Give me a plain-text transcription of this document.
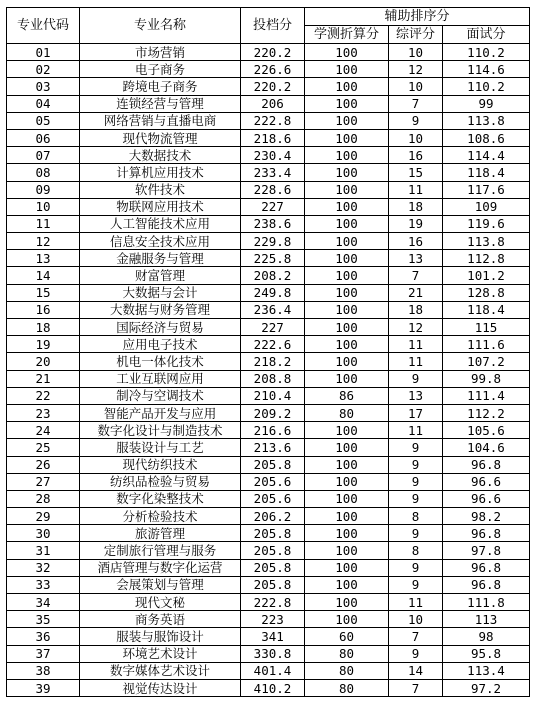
专业代码	专业名称	投档分	辅助排序分		
			学测折算分	综评分	面试分
01	市场营销	220.2	100	10	110.2
02	电子商务	226.6	100	12	114.6
03	跨境电子商务	220.2	100	10	110.2
04	连锁经营与管理	206	100	7	99
05	网络营销与直播电商	222.8	100	9	113.8
06	现代物流管理	218.6	100	10	108.6
07	大数据技术	230.4	100	16	114.4
08	计算机应用技术	233.4	100	15	118.4
09	软件技术	228.6	100	11	117.6
10	物联网应用技术	227	100	18	109
11	人工智能技术应用	238.6	100	19	119.6
12	信息安全技术应用	229.8	100	16	113.8
13	金融服务与管理	225.8	100	13	112.8
14	财富管理	208.2	100	7	101.2
15	大数据与会计	249.8	100	21	128.8
16	大数据与财务管理	236.4	100	18	118.4
18	国际经济与贸易	227	100	12	115
19	应用电子技术	222.6	100	11	111.6
20	机电一体化技术	218.2	100	11	107.2
21	工业互联网应用	208.8	100	9	99.8
22	制冷与空调技术	210.4	86	13	111.4
23	智能产品开发与应用	209.2	80	17	112.2
24	数字化设计与制造技术	216.6	100	11	105.6
25	服装设计与工艺	213.6	100	9	104.6
26	现代纺织技术	205.8	100	9	96.8
27	纺织品检验与贸易	205.6	100	9	96.6
28	数字化染整技术	205.6	100	9	96.6
29	分析检验技术	206.2	100	8	98.2
30	旅游管理	205.8	100	9	96.8
31	定制旅行管理与服务	205.8	100	8	97.8
32	酒店管理与数字化运营	205.8	100	9	96.8
33	会展策划与管理	205.8	100	9	96.8
34	现代文秘	222.8	100	11	111.8
35	商务英语	223	100	10	113
36	服装与服饰设计	341	60	7	98
37	环境艺术设计	330.8	80	9	95.8
38	数字媒体艺术设计	401.4	80	14	113.4
39	视觉传达设计	410.2	80	7	97.2
